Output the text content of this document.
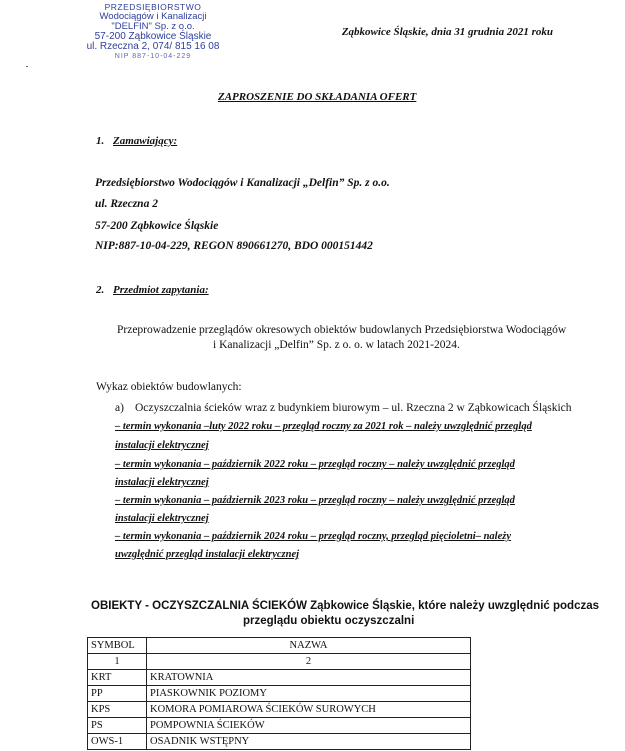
PRZEDSIĘBIORSTWO
Wodociągów i Kanalizacji
"DELFIN" Sp. z o.o.
57-200 Ząbkowice Śląskie
ul. Rzeczna 2, 074/ 815 16 08
NIP 887-10-04-229
Ząbkowice Śląskie, dnia 31 grudnia 2021 roku
ZAPROSZENIE DO SKŁADANIA OFERT
1. Zamawiający:
Przedsiębiorstwo Wodociągów i Kanalizacji „Delfin” Sp. z o.o.
ul. Rzeczna 2
57-200 Ząbkowice Śląskie
NIP:887-10-04-229, REGON 890661270, BDO 000151442
2. Przedmiot zapytania:
Przeprowadzenie przeglądów okresowych obiektów budowlanych Przedsiębiorstwa Wodociągów
i Kanalizacji „Delfin” Sp. z o. o. w latach 2021-2024.
Wykaz obiektów budowlanych:
a) Oczyszczalnia ścieków wraz z budynkiem biurowym – ul. Rzeczna 2 w Ząbkowicach Śląskich
– termin wykonania –luty 2022 roku – przegląd roczny za 2021 rok – należy uwzględnić przegląd
instalacji elektrycznej
– termin wykonania – październik 2022 roku – przegląd roczny – należy uwzględnić przegląd
instalacji elektrycznej
– termin wykonania – październik 2023 roku – przegląd roczny – należy uwzględnić przegląd
instalacji elektrycznej
– termin wykonania – październik 2024 roku – przegląd roczny, przegląd pięcioletni– należy
uwzględnić przegląd instalacji elektrycznej
OBIEKTY - OCZYSZCZALNIA ŚCIEKÓW Ząbkowice Śląskie, które należy uwzględnić podczas
przeglądu obiektu oczyszczalni
SYMBOL	NAZWA
1	2
KRT	KRATOWNIA
PP	PIASKOWNIK POZIOMY
KPS	KOMORA POMIAROWA ŚCIEKÓW SUROWYCH
PS	POMPOWNIA ŚCIEKÓW
OWS-1	OSADNIK WSTĘPNY
